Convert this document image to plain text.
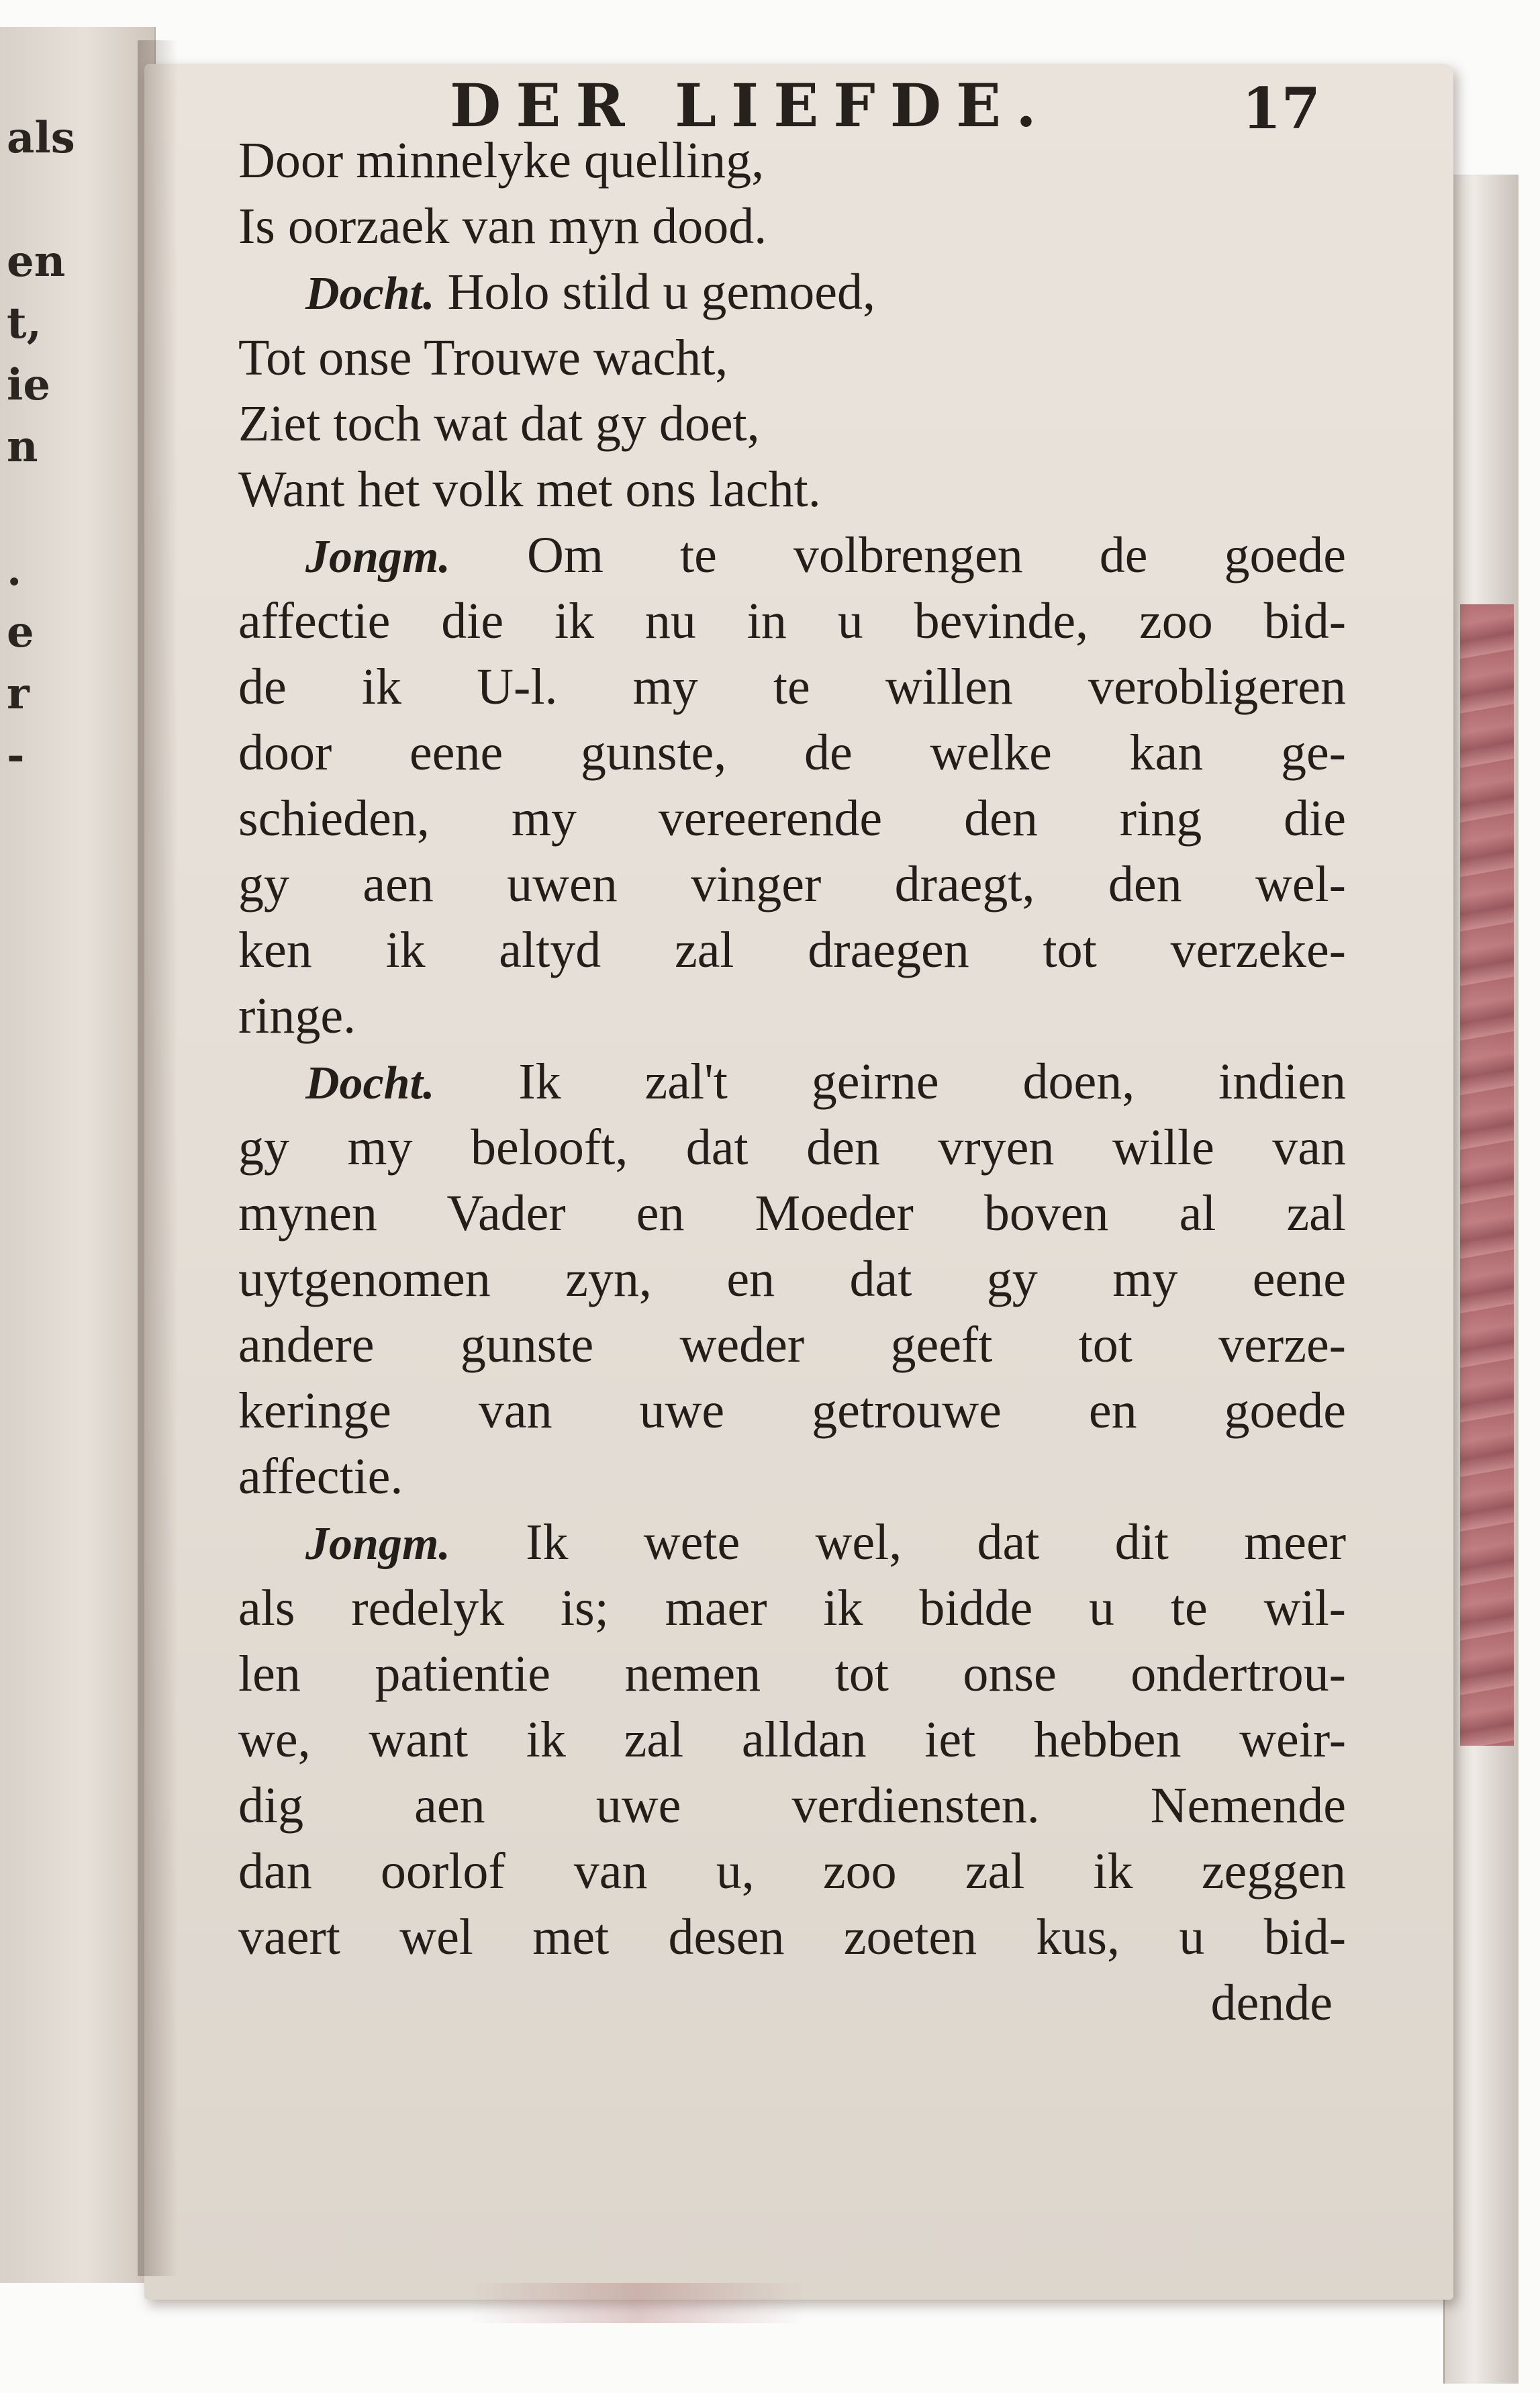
als

en
t,
ie
n

.
e
r
-
DER LIEFDE.	17
Door minnelyke quelling,
Is oorzaek van myn dood.
Docht. Holo stild u gemoed,
Tot onse Trouwe wacht,
Ziet toch wat dat gy doet,
Want het volk met ons lacht.
Jongm. Om te volbrengen de goede
affectie die ik nu in u bevinde, zoo bid-
de ik U-l. my te willen verobligeren
door eene gunste, de welke kan ge-
schieden, my vereerende den ring die
gy aen uwen vinger draegt, den wel-
ken ik altyd zal draegen tot verzeke-
ringe.
Docht. Ik zal't geirne doen, indien
gy my belooft, dat den vryen wille van
mynen Vader en Moeder boven al zal
uytgenomen zyn, en dat gy my eene
andere gunste weder geeft tot verze-
keringe van uwe getrouwe en goede
affectie.
Jongm. Ik wete wel, dat dit meer
als redelyk is; maer ik bidde u te wil-
len patientie nemen tot onse ondertrou-
we, want ik zal alldan iet hebben weir-
dig aen uwe verdiensten. Nemende
dan oorlof van u, zoo zal ik zeggen
vaert wel met desen zoeten kus, u bid-
dende
